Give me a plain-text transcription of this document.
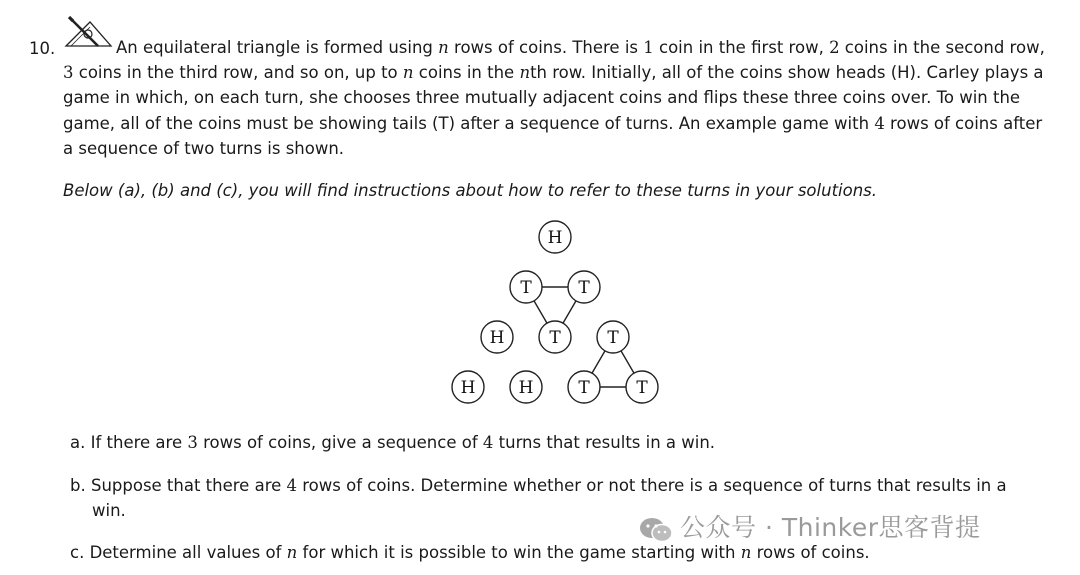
10.	An equilateral triangle is formed using n rows of coins. There is 1 coin in the first row, 2 coins in the second row, 3 coins in the third row, and so on, up to n coins in the nth row. Initially, all of the coins show heads (H). Carley plays a game in which, on each turn, she chooses three mutually adjacent coins and flips these three coins over. To win the game, all of the coins must be showing tails (T) after a sequence of turns. An example game with 4 rows of coins after a sequence of two turns is shown.
Below (a), (b) and (c), you will find instructions about how to refer to these turns in your solutions.
H
T	T
H	T	T
H	H	T	T
a. If there are 3 rows of coins, give a sequence of 4 turns that results in a win.
b. Suppose that there are 4 rows of coins. Determine whether or not there is a sequence of turns that results in a
win.
c. Determine all values of n for which it is possible to win the game starting with n rows of coins.
公众号 · Thinker思客背提
